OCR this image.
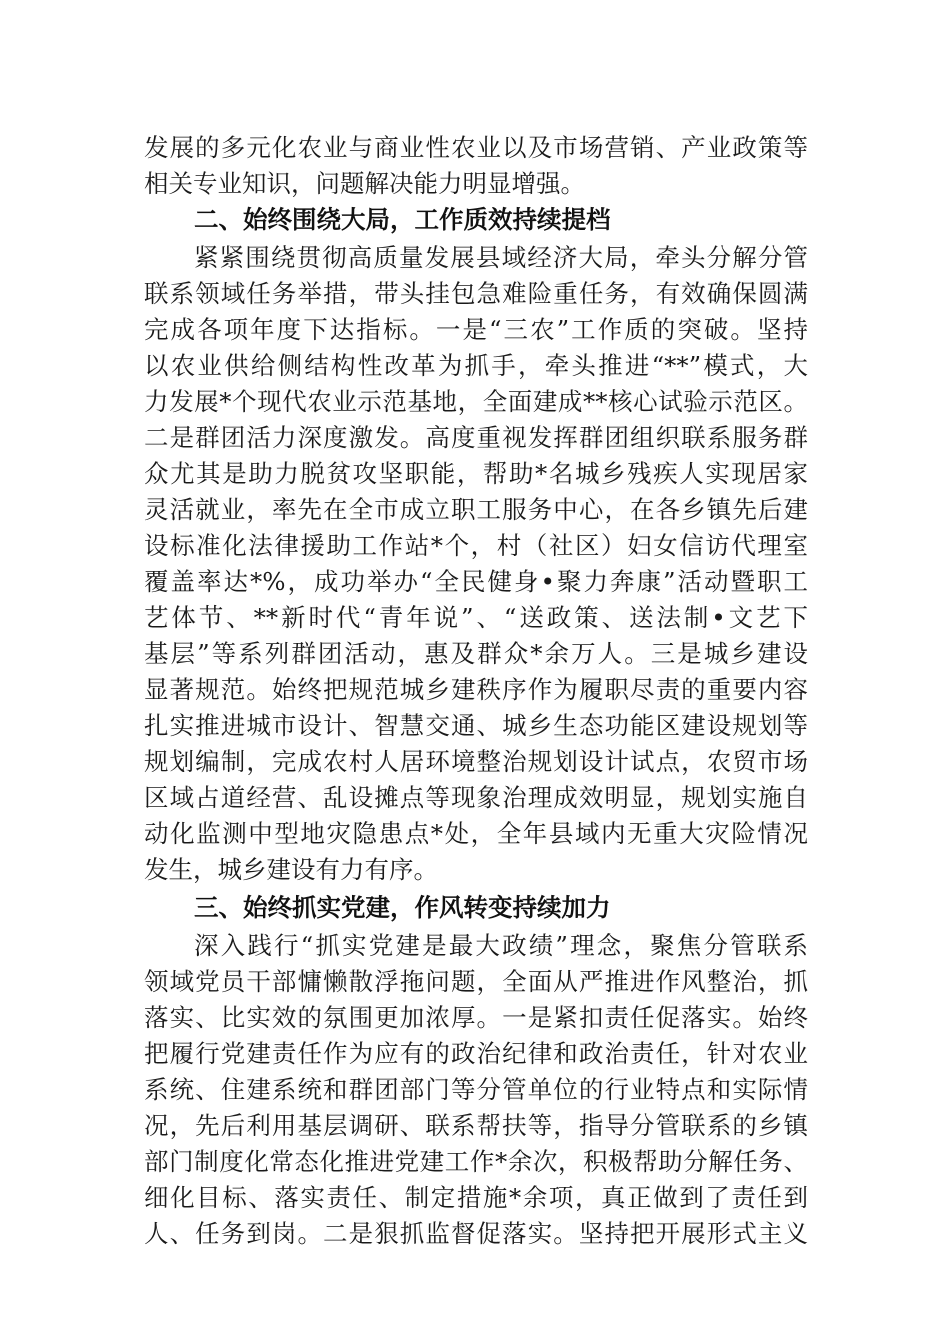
发展的多元化农业与商业性农业以及市场营销、产业政策等
相关专业知识，问题解决能力明显增强。
二、始终围绕大局，工作质效持续提档
紧紧围绕贯彻高质量发展县域经济大局，牵头分解分管
联系领域任务举措，带头挂包急难险重任务，有效确保圆满
完成各项年度下达指标。一是“三农”工作质的突破。坚持
以农业供给侧结构性改革为抓手，牵头推进“**”模式，大
力发展*个现代农业示范基地，全面建成**核心试验示范区。
二是群团活力深度激发。高度重视发挥群团组织联系服务群
众尤其是助力脱贫攻坚职能，帮助*名城乡残疾人实现居家
灵活就业，率先在全市成立职工服务中心，在各乡镇先后建
设标准化法律援助工作站*个，村（社区）妇女信访代理室
覆盖率达*%，成功举办“全民健身•聚力奔康”活动暨职工
艺体节、**新时代“青年说”、“送政策、送法制•文艺下
基层”等系列群团活动，惠及群众*余万人。三是城乡建设
显著规范。始终把规范城乡建秩序作为履职尽责的重要内容
扎实推进城市设计、智慧交通、城乡生态功能区建设规划等
规划编制，完成农村人居环境整治规划设计试点，农贸市场
区域占道经营、乱设摊点等现象治理成效明显，规划实施自
动化监测中型地灾隐患点*处，全年县域内无重大灾险情况
发生，城乡建设有力有序。
三、始终抓实党建，作风转变持续加力
深入践行“抓实党建是最大政绩”理念，聚焦分管联系
领域党员干部慵懒散浮拖问题，全面从严推进作风整治，抓
落实、比实效的氛围更加浓厚。一是紧扣责任促落实。始终
把履行党建责任作为应有的政治纪律和政治责任，针对农业
系统、住建系统和群团部门等分管单位的行业特点和实际情
况，先后利用基层调研、联系帮扶等，指导分管联系的乡镇
部门制度化常态化推进党建工作*余次，积极帮助分解任务、
细化目标、落实责任、制定措施*余项，真正做到了责任到
人、任务到岗。二是狠抓监督促落实。坚持把开展形式主义
